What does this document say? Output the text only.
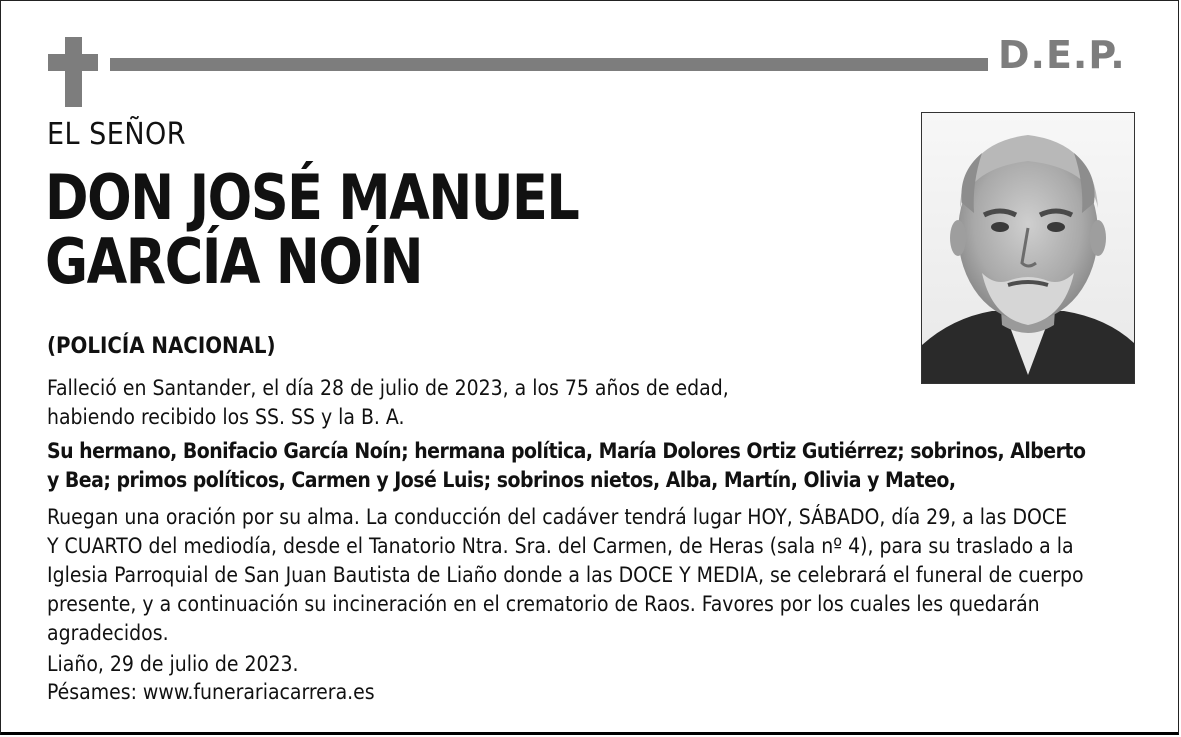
D.E.P.
EL SEÑOR
DON JOSÉ MANUEL
GARCÍA NOÍN
(POLICÍA NACIONAL)
Falleció en Santander, el día 28 de julio de 2023, a los 75 años de edad,
habiendo recibido los SS. SS y la B. A.
Su hermano, Bonifacio García Noín; hermana política, María Dolores Ortiz Gutiérrez; sobrinos, Alberto
y Bea; primos políticos, Carmen y José Luis; sobrinos nietos, Alba, Martín, Olivia y Mateo,
Ruegan una oración por su alma. La conducción del cadáver tendrá lugar HOY, SÁBADO, día 29, a las DOCE
Y CUARTO del mediodía, desde el Tanatorio Ntra. Sra. del Carmen, de Heras (sala nº 4), para su traslado a la
Iglesia Parroquial de San Juan Bautista de Liaño donde a las DOCE Y MEDIA, se celebrará el funeral de cuerpo
presente, y a continuación su incineración en el crematorio de Raos. Favores por los cuales les quedarán
agradecidos.
Liaño, 29 de julio de 2023.
Pésames: www.funerariacarrera.es
